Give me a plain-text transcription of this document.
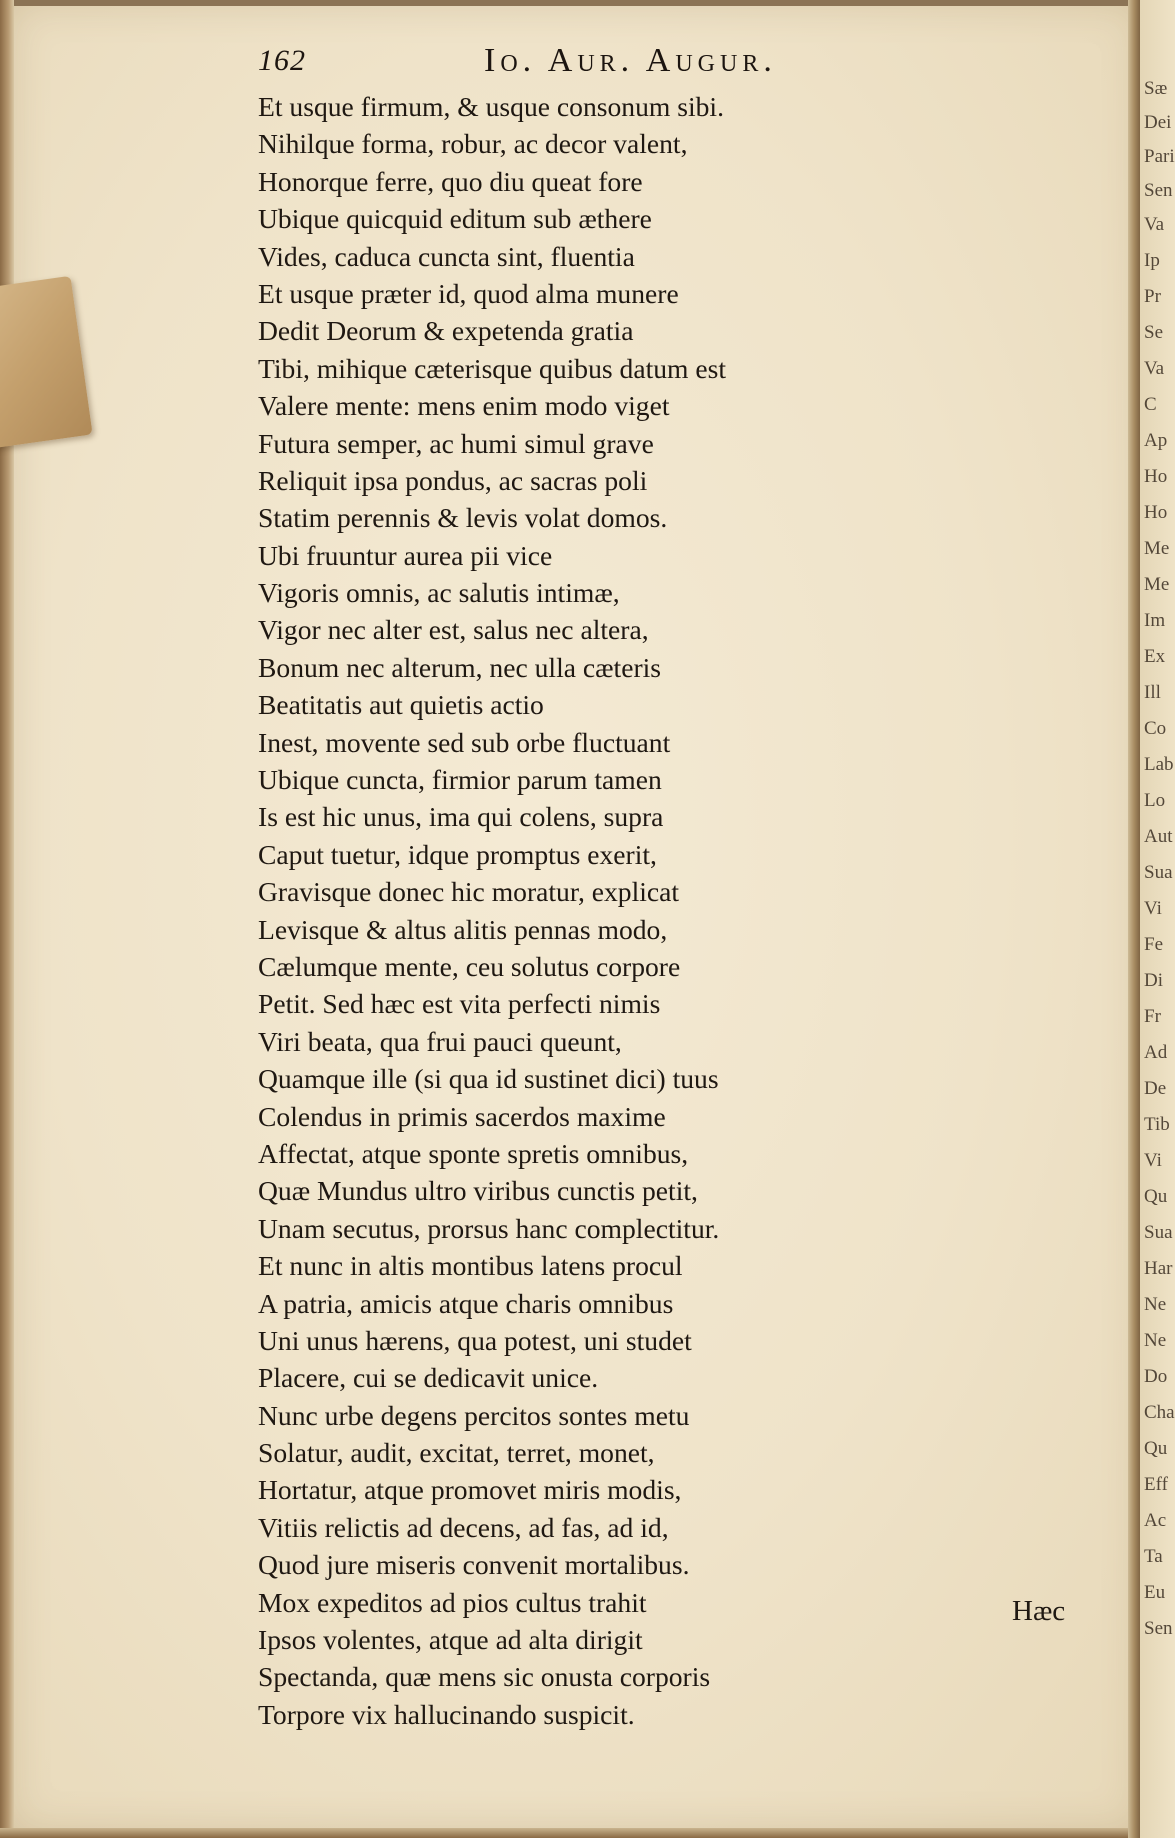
Sæ
Dei
Pari
Sen
Va
Ip
Pr
Se
Va
C
Ap
Ho
Ho
Me
Me
Im
Ex
Ill
Co
Lab
Lo
Aut
Sua
Vi
Fe
Di
Fr
Ad
De
Tib
Vi
Qu
Sua
Har
Ne
Ne
Do
Cha
Qu
Eff
Ac
Ta
Eu
Sen
162	Io. Aur. Augur.
Et usque firmum, & usque consonum sibi.
Nihilque forma, robur, ac decor valent,
Honorque ferre, quo diu queat fore
Ubique quicquid editum sub æthere
Vides, caduca cuncta sint, fluentia
Et usque præter id, quod alma munere
Dedit Deorum & expetenda gratia
Tibi, mihique cæterisque quibus datum est
Valere mente: mens enim modo viget
Futura semper, ac humi simul grave
Reliquit ipsa pondus, ac sacras poli
Statim perennis & levis volat domos.
Ubi fruuntur aurea pii vice
Vigoris omnis, ac salutis intimæ,
Vigor nec alter est, salus nec altera,
Bonum nec alterum, nec ulla cæteris
Beatitatis aut quietis actio
Inest, movente sed sub orbe fluctuant
Ubique cuncta, firmior parum tamen
Is est hic unus, ima qui colens, supra
Caput tuetur, idque promptus exerit,
Gravisque donec hic moratur, explicat
Levisque & altus alitis pennas modo,
Cælumque mente, ceu solutus corpore
Petit. Sed hæc est vita perfecti nimis
Viri beata, qua frui pauci queunt,
Quamque ille (si qua id sustinet dici) tuus
Colendus in primis sacerdos maxime
Affectat, atque sponte spretis omnibus,
Quæ Mundus ultro viribus cunctis petit,
Unam secutus, prorsus hanc complectitur.
Et nunc in altis montibus latens procul
A patria, amicis atque charis omnibus
Uni unus hærens, qua potest, uni studet
Placere, cui se dedicavit unice.
Nunc urbe degens percitos sontes metu
Solatur, audit, excitat, terret, monet,
Hortatur, atque promovet miris modis,
Vitiis relictis ad decens, ad fas, ad id,
Quod jure miseris convenit mortalibus.
Mox expeditos ad pios cultus trahit
Ipsos volentes, atque ad alta dirigit
Spectanda, quæ mens sic onusta corporis
Torpore vix hallucinando suspicit.
Hæc
